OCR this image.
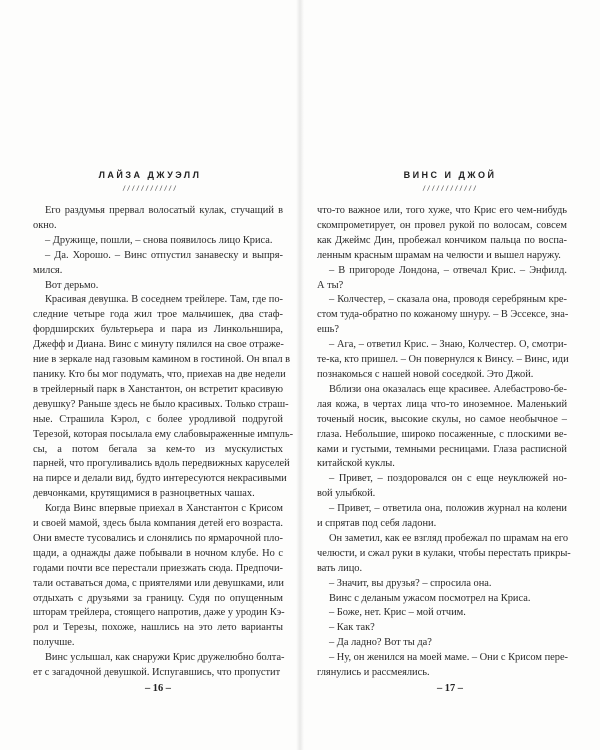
ЛАЙЗА ДЖУЭЛЛ
////////////
– 16 –
ВИНС И ДЖОЙ
////////////
– 17 –
Его раздумья прервал волосатый кулак, стучащий в
окно.
– Дружище, пошли, – снова появилось лицо Криса.
– Да. Хорошо. – Винс отпустил занавеску и выпря-
мился.
Вот дерьмо.
Красивая девушка. В соседнем трейлере. Там, где по-
следние четыре года жил трое мальчишек, два стаф-
фордширских бультерьера и пара из Линкольншира,
Джефф и Диана. Винс с минуту пялился на свое отраже-
ние в зеркале над газовым камином в гостиной. Он впал в
панику. Кто бы мог подумать, что, приехав на две недели
в трейлерный парк в Ханстантон, он встретит красивую
девушку? Раньше здесь не было красивых. Только страш-
ные. Страшила Кэрол, с более уродливой подругой
Терезой, которая посылала ему слабовыраженные импуль-
сы, а потом бегала за кем-то из мускулистых
парней, что прогуливались вдоль передвижных каруселей
на пирсе и делали вид, будто интересуются некрасивыми
девчонками, крутящимися в разноцветных чашах.
Когда Винс впервые приехал в Ханстантон с Крисом
и своей мамой, здесь была компания детей его возраста.
Они вместе тусовались и слонялись по ярмарочной пло-
щади, а однажды даже побывали в ночном клубе. Но с
годами почти все перестали приезжать сюда. Предпочи-
тали оставаться дома, с приятелями или девушками, или
отдыхать с друзьями за границу. Судя по опущенным
шторам трейлера, стоящего напротив, даже у уродин Кэ-
рол и Терезы, похоже, нашлись на это лето варианты
получше.
Винс услышал, как снаружи Крис дружелюбно болта-
ет с загадочной девушкой. Испугавшись, что пропустит
что-то важное или, того хуже, что Крис его чем-нибудь
скомпрометирует, он провел рукой по волосам, совсем
как Джеймс Дин, пробежал кончиком пальца по воспа-
ленным красным шрамам на челюсти и вышел наружу.
– В пригороде Лондона, – отвечал Крис. – Энфилд.
А ты?
– Колчестер, – сказала она, проводя серебряным кре-
стом туда-обратно по кожаному шнуру. – В Эссексе, зна-
ешь?
– Ага, – ответил Крис. – Знаю, Колчестер. О, смотри-
те-ка, кто пришел. – Он повернулся к Винсу. – Винс, иди
познакомься с нашей новой соседкой. Это Джой.
Вблизи она оказалась еще красивее. Алебастрово-бе-
лая кожа, в чертах лица что-то иноземное. Маленький
точеный носик, высокие скулы, но самое необычное –
глаза. Небольшие, широко посаженные, с плоскими ве-
ками и густыми, темными ресницами. Глаза расписной
китайской куклы.
– Привет, – поздоровался он с еще неуклюжей но-
вой улыбкой.
– Привет, – ответила она, положив журнал на колени
и спрятав под себя ладони.
Он заметил, как ее взгляд пробежал по шрамам на его
челюсти, и сжал руки в кулаки, чтобы перестать прикры-
вать лицо.
– Значит, вы друзья? – спросила она.
Винс с деланым ужасом посмотрел на Криса.
– Боже, нет. Крис – мой отчим.
– Как так?
– Да ладно? Вот ты да?
– Ну, он женился на моей маме. – Они с Крисом пере-
глянулись и рассмеялись.
